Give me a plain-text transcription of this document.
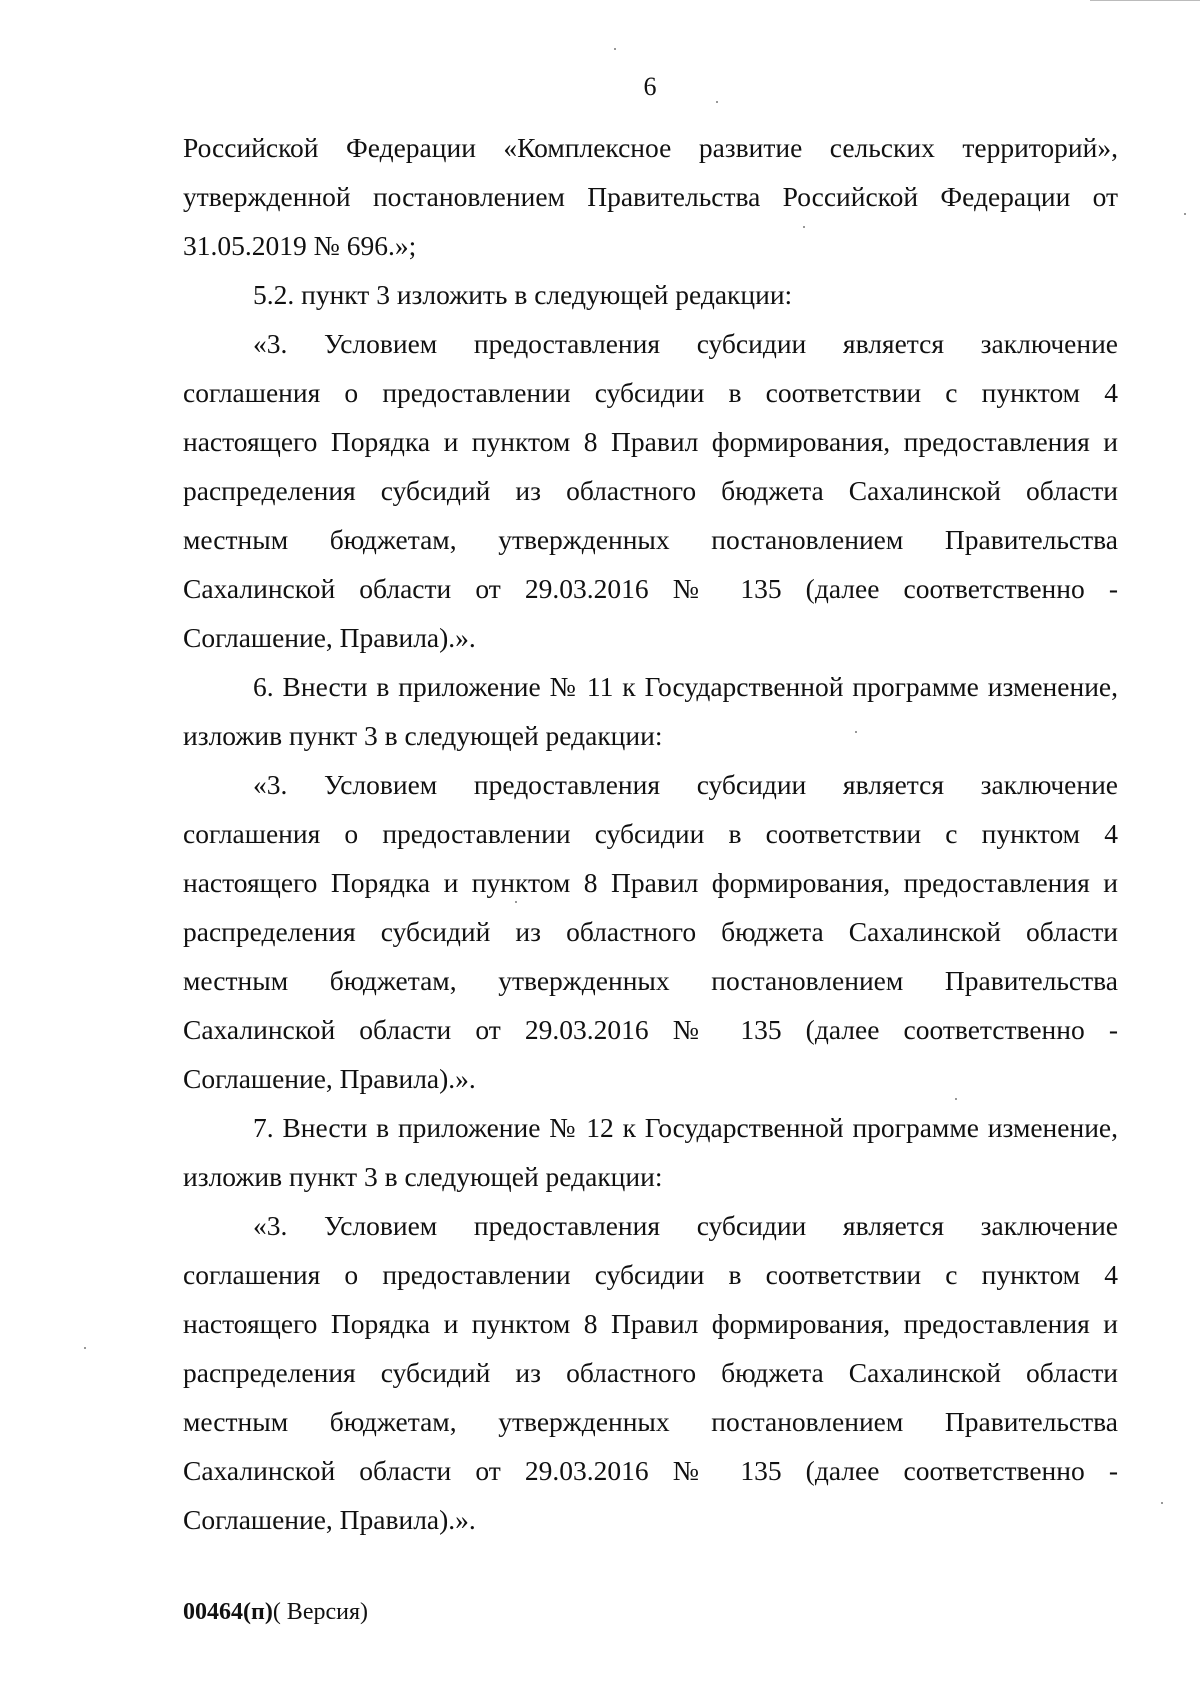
6
Российской Федерации «Комплексное развитие сельских территорий»,
утвержденной постановлением Правительства Российской Федерации от
31.05.2019 № 696.»;
5.2. пункт 3 изложить в следующей редакции:
«3. Условием предоставления субсидии является заключение
соглашения о предоставлении субсидии в соответствии с пунктом 4
настоящего Порядка и пунктом 8 Правил формирования, предоставления и
распределения субсидий из областного бюджета Сахалинской области
местным бюджетам, утвержденных постановлением Правительства
Сахалинской области от 29.03.2016 № 135 (далее соответственно -
Соглашение, Правила).».
6. Внести в приложение № 11 к Государственной программе изменение,
изложив пункт 3 в следующей редакции:
«3. Условием предоставления субсидии является заключение
соглашения о предоставлении субсидии в соответствии с пунктом 4
настоящего Порядка и пунктом 8 Правил формирования, предоставления и
распределения субсидий из областного бюджета Сахалинской области
местным бюджетам, утвержденных постановлением Правительства
Сахалинской области от 29.03.2016 № 135 (далее соответственно -
Соглашение, Правила).».
7. Внести в приложение № 12 к Государственной программе изменение,
изложив пункт 3 в следующей редакции:
«3. Условием предоставления субсидии является заключение
соглашения о предоставлении субсидии в соответствии с пунктом 4
настоящего Порядка и пунктом 8 Правил формирования, предоставления и
распределения субсидий из областного бюджета Сахалинской области
местным бюджетам, утвержденных постановлением Правительства
Сахалинской области от 29.03.2016 № 135 (далее соответственно -
Соглашение, Правила).».
00464(п)( Версия)
